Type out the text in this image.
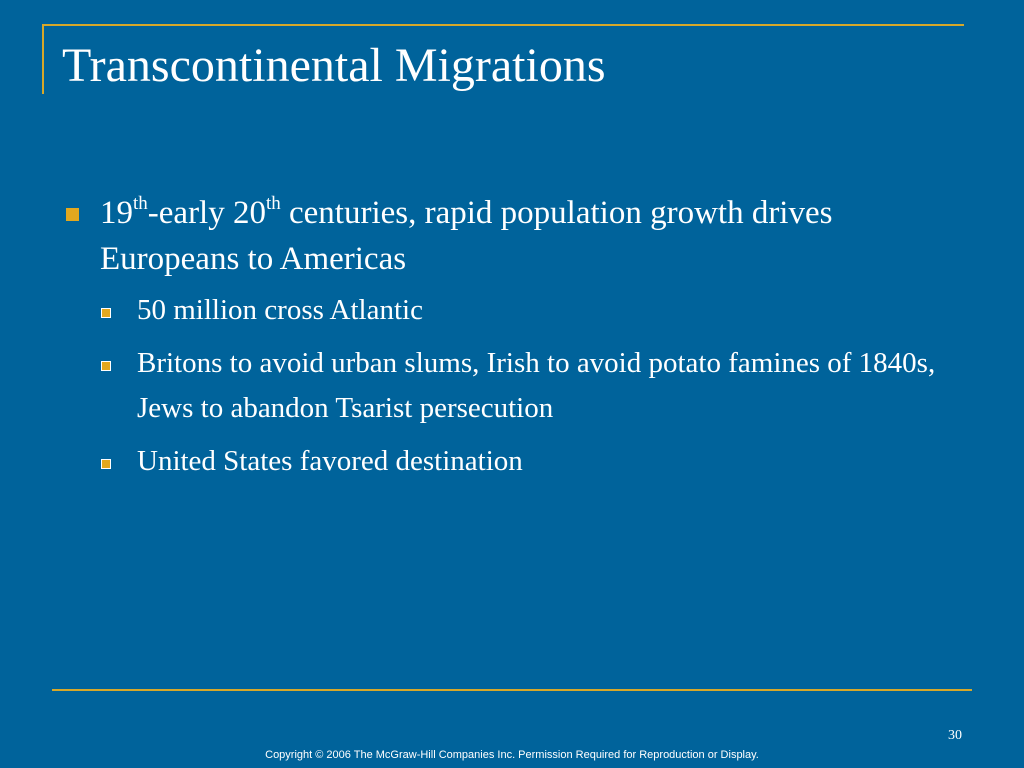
Transcontinental Migrations
19th-early 20th centuries, rapid population growth drives Europeans to Americas
50 million cross Atlantic
Britons to avoid urban slums, Irish to avoid potato famines of 1840s, Jews to abandon Tsarist persecution
United States favored destination
30
Copyright © 2006 The McGraw-Hill Companies Inc. Permission Required for Reproduction or Display.
